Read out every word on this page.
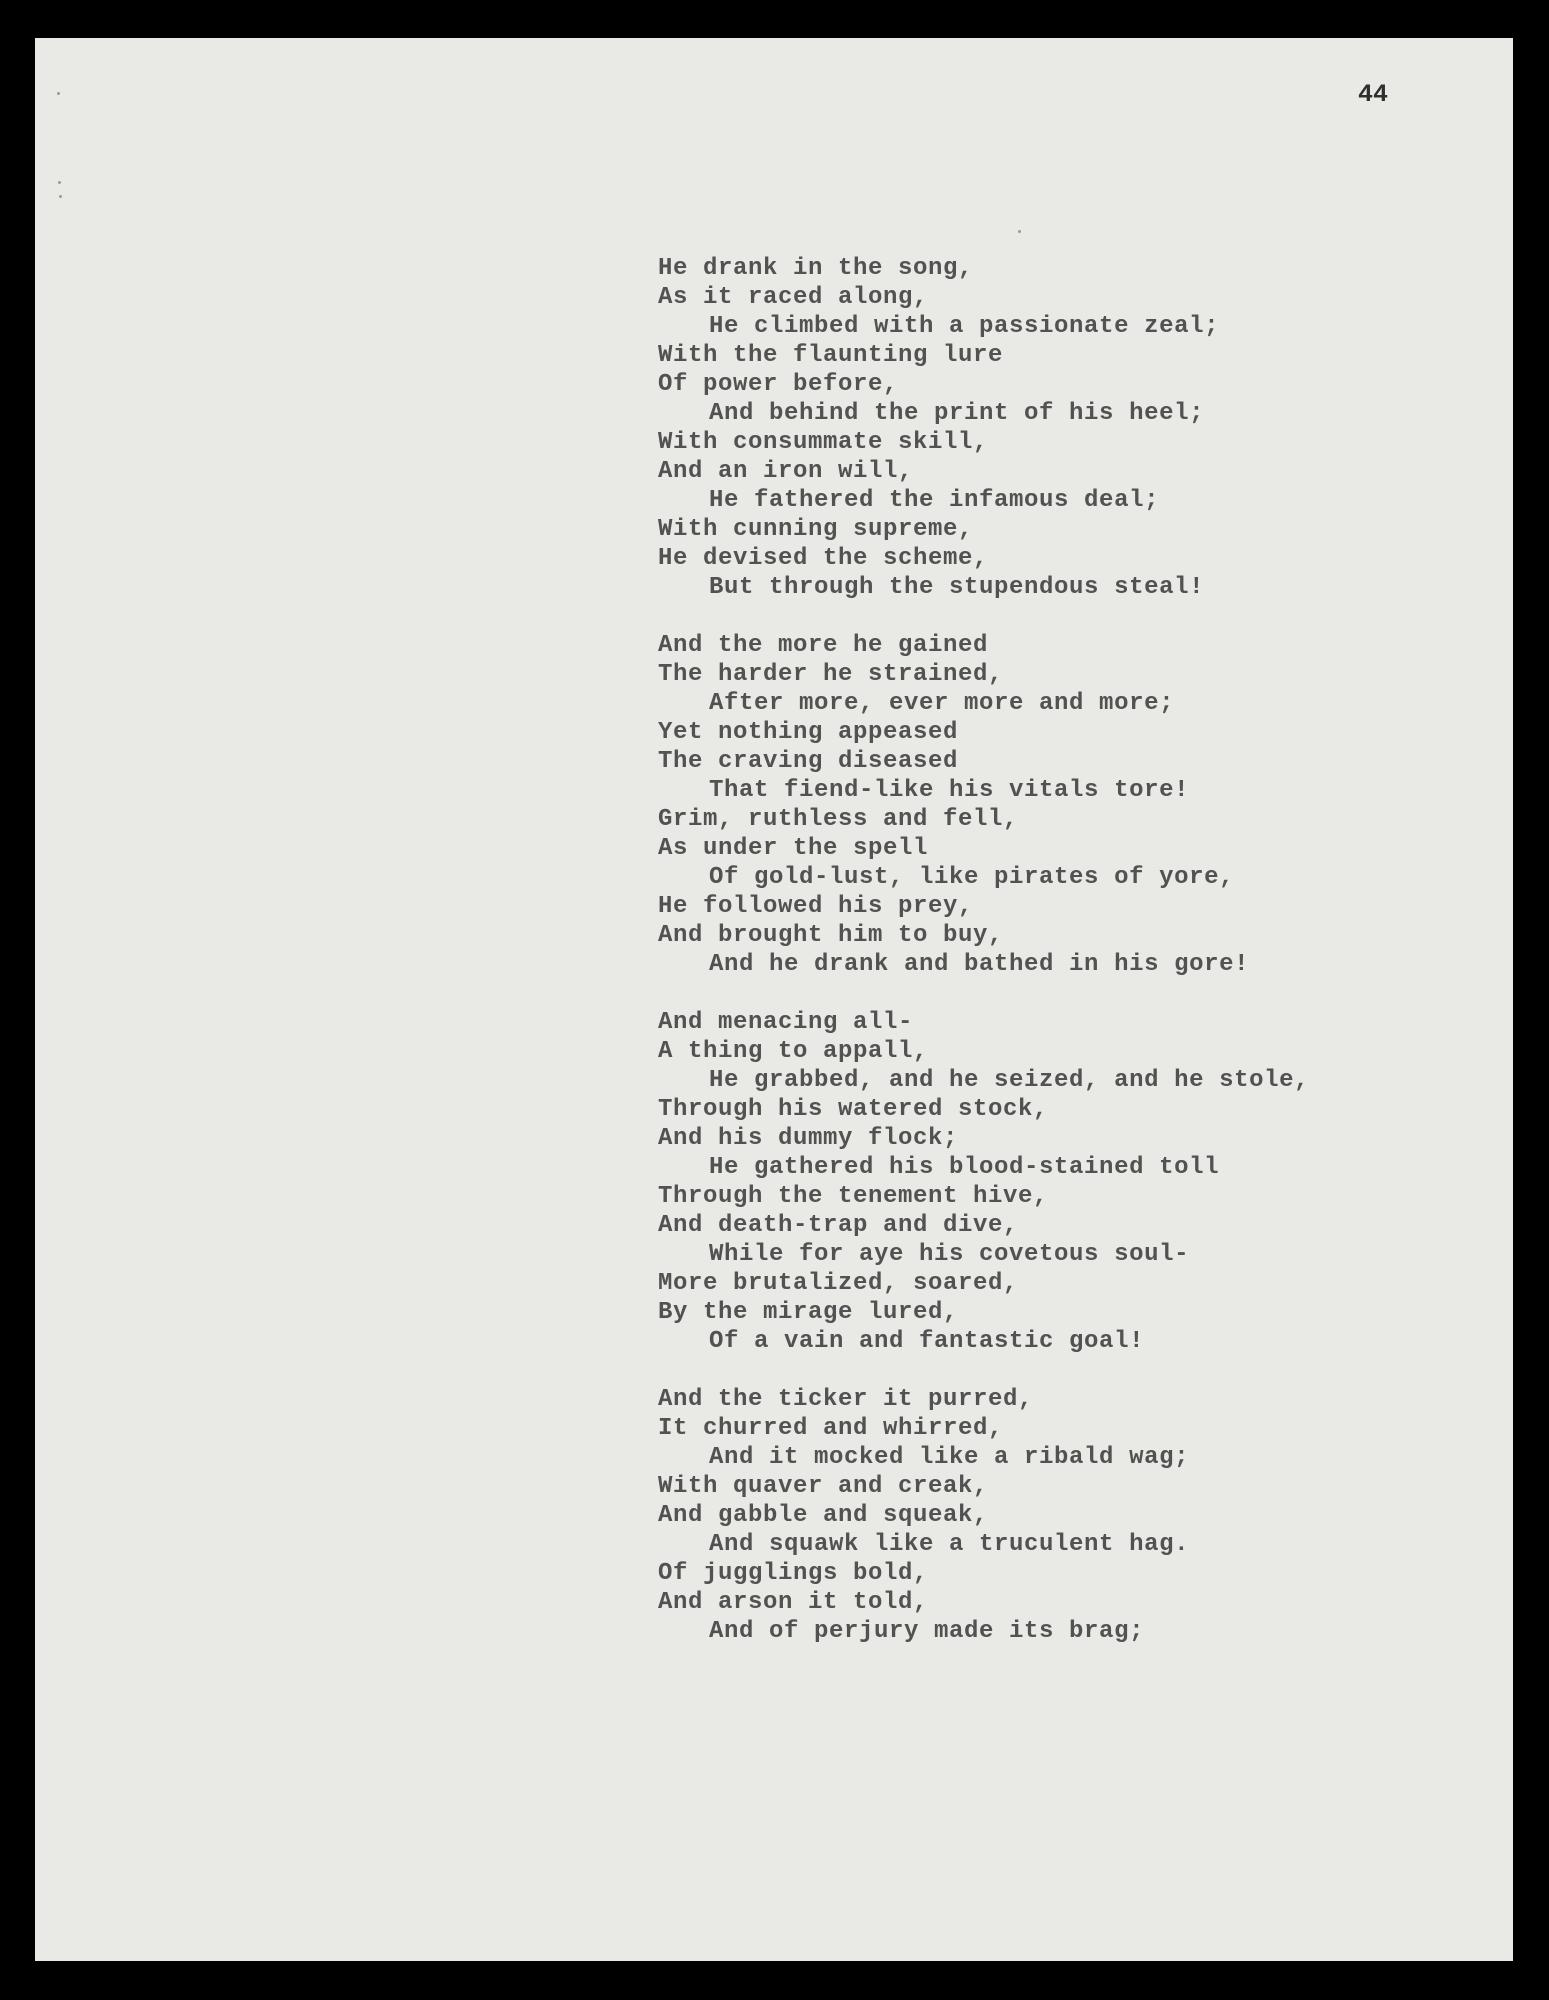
44
He drank in the song,
As it raced along,
He climbed with a passionate zeal;
With the flaunting lure
Of power before,
And behind the print of his heel;
With consummate skill,
And an iron will,
He fathered the infamous deal;
With cunning supreme,
He devised the scheme,
But through the stupendous steal!
And the more he gained
The harder he strained,
After more, ever more and more;
Yet nothing appeased
The craving diseased
That fiend-like his vitals tore!
Grim, ruthless and fell,
As under the spell
Of gold-lust, like pirates of yore,
He followed his prey,
And brought him to buy,
And he drank and bathed in his gore!
And menacing all-
A thing to appall,
He grabbed, and he seized, and he stole,
Through his watered stock,
And his dummy flock;
He gathered his blood-stained toll
Through the tenement hive,
And death-trap and dive,
While for aye his covetous soul-
More brutalized, soared,
By the mirage lured,
Of a vain and fantastic goal!
And the ticker it purred,
It churred and whirred,
And it mocked like a ribald wag;
With quaver and creak,
And gabble and squeak,
And squawk like a truculent hag.
Of jugglings bold,
And arson it told,
And of perjury made its brag;
